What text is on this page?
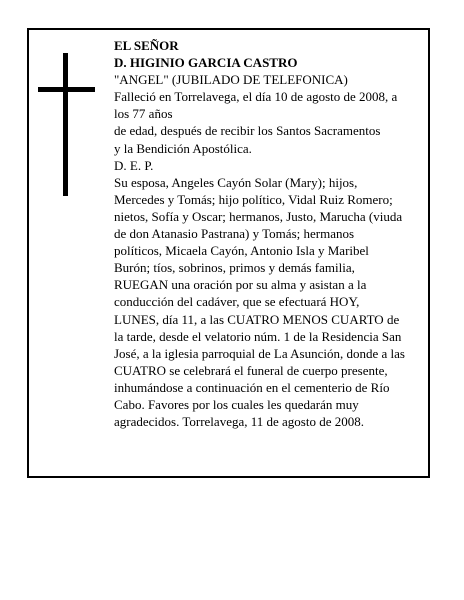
EL SEÑOR
D. HIGINIO GARCIA CASTRO
"ANGEL" (JUBILADO DE TELEFONICA)
Falleció en Torrelavega, el día 10 de agosto de 2008, a
los 77 años
de edad, después de recibir los Santos Sacramentos
y la Bendición Apostólica.
D. E. P.
Su esposa, Angeles Cayón Solar (Mary); hijos,
Mercedes y Tomás; hijo político, Vidal Ruiz Romero;
nietos, Sofía y Oscar; hermanos, Justo, Marucha (viuda
de don Atanasio Pastrana) y Tomás; hermanos
políticos, Micaela Cayón, Antonio Isla y Maribel
Burón; tíos, sobrinos, primos y demás familia,
RUEGAN una oración por su alma y asistan a la
conducción del cadáver, que se efectuará HOY,
LUNES, día 11, a las CUATRO MENOS CUARTO de
la tarde, desde el velatorio núm. 1 de la Residencia San
José, a la iglesia parroquial de La Asunción, donde a las
CUATRO se celebrará el funeral de cuerpo presente,
inhumándose a continuación en el cementerio de Río
Cabo. Favores por los cuales les quedarán muy
agradecidos. Torrelavega, 11 de agosto de 2008.
